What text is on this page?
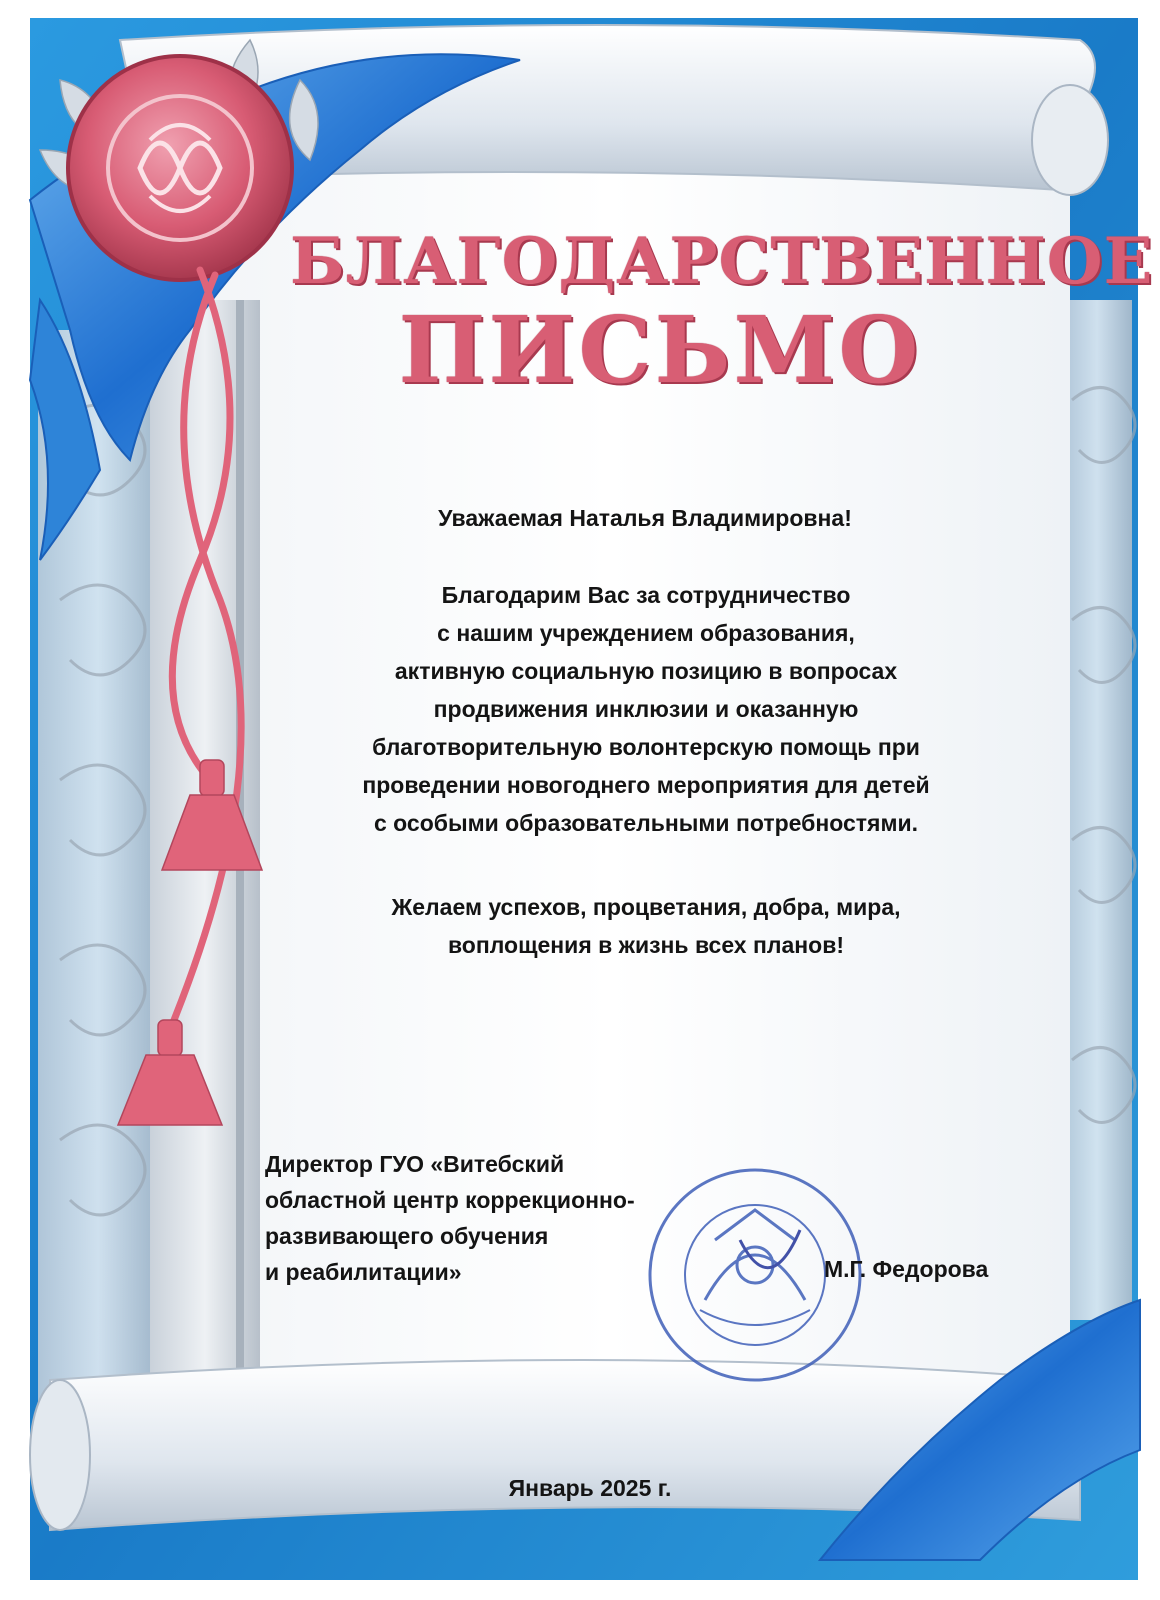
БЛАГОДАРСТВЕННОЕ
ПИСЬМО
Уважаемая Наталья Владимировна!
Благодарим Вас за сотрудничество
с нашим учреждением образования,
активную социальную позицию в вопросах
продвижения инклюзии и оказанную
благотворительную волонтерскую помощь при
проведении новогоднего мероприятия для детей
с особыми образовательными потребностями.
Желаем успехов, процветания, добра, мира,
воплощения в жизнь всех планов!
Директор ГУО «Витебский
областной центр коррекционно-
развивающего обучения
и реабилитации»	М.Г. Федорова
Январь 2025 г.
